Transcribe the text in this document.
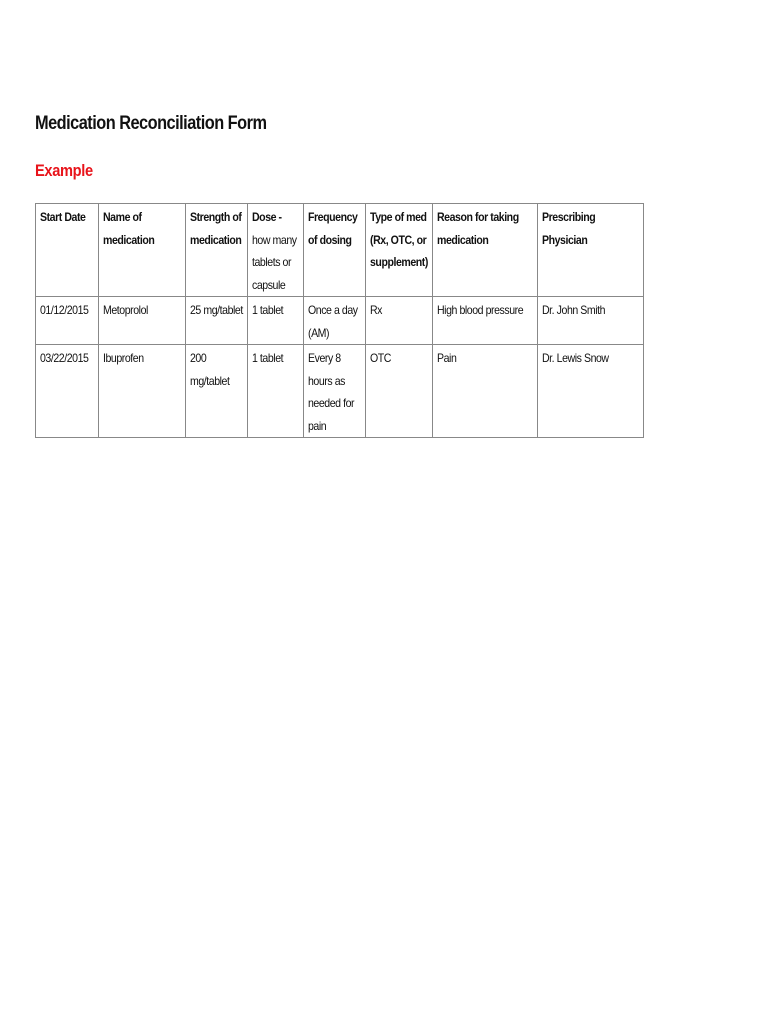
Medication Reconciliation Form
Example
Start Date	Name of medication	Strength of medication	Dose - how many tablets or capsule	Frequency of dosing	Type of med (Rx, OTC, or supplement)	Reason for taking medication	Prescribing Physician

01/12/2015	Metoprolol	25 mg/tablet	1 tablet	Once a day (AM)	Rx	High blood pressure	Dr. John Smith

03/22/2015	Ibuprofen	200 mg/tablet	1 tablet	Every 8 hours as needed for pain	OTC	Pain	Dr. Lewis Snow
